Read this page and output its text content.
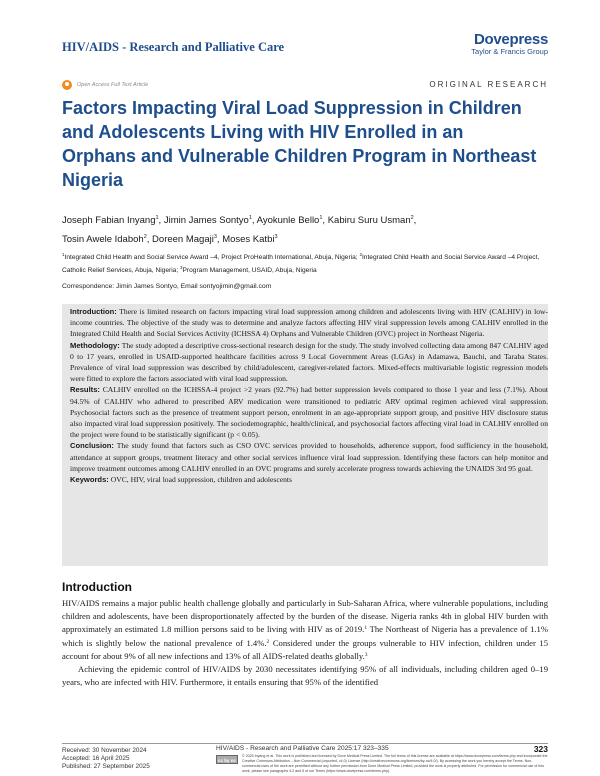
HIV/AIDS - Research and Palliative Care	Dovepress
Taylor & Francis Group
Open Access Full Text Article	ORIGINAL RESEARCH
Factors Impacting Viral Load Suppression in Children and Adolescents Living with HIV Enrolled in an Orphans and Vulnerable Children Program in Northeast Nigeria
Joseph Fabian Inyang$^1$, Jimin James Sontyo$^1$, Ayokunle Bello$^1$, Kabiru Suru Usman$^2$,
Tosin Awele Idaboh$^2$, Doreen Magaji$^3$, Moses Katbi$^3$
$^1$Integrated Child Health and Social Service Award –4, Project ProHealth International, Abuja, Nigeria; $^2$Integrated Child Health and Social Service Award –4 Project, Catholic Relief Services, Abuja, Nigeria; $^3$Program Management, USAID, Abuja, Nigeria
Correspondence: Jimin James Sontyo, Email sontyojimin@gmail.com

Introduction: There is limited research on factors impacting viral load suppression among children and adolescents living with HIV (CALHIV) in low-income countries. The objective of the study was to determine and analyze factors affecting HIV viral suppression levels among CALHIV enrolled in the Integrated Child Health and Social Services Activity (ICHSSA 4) Orphans and Vulnerable Children (OVC) project in Northeast Nigeria.

Methodology: The study adopted a descriptive cross-sectional research design for the study. The study involved collecting data among 847 CALHIV aged 0 to 17 years, enrolled in USAID-supported healthcare facilities across 9 Local Government Areas (LGAs) in Adamawa, Bauchi, and Taraba States. Prevalence of viral load suppression was described by child/adolescent, caregiver-related factors. Mixed-effects multivariable logistic regression models were fitted to explore the factors associated with viral load suppression.

Results: CALHIV enrolled on the ICHSSA-4 project >2 years (92.7%) had better suppression levels compared to those 1 year and less (7.1%). About 94.5% of CALHIV who adhered to prescribed ARV medication were transitioned to pediatric ARV optimal regimen achieved viral suppression. Psychosocial factors such as the presence of treatment support person, enrolment in an age-appropriate support group, and positive HIV disclosure status also impacted viral load suppression positively. The sociodemographic, health/clinical, and psychosocial factors affecting viral load in CALHIV enrolled on the project were found to be statistically significant (p < 0.05).

Conclusion: The study found that factors such as CSO OVC services provided to households, adherence support, food sufficiency in the household, attendance at support groups, treatment literacy and other social services influence viral load suppression. Identifying these factors can help monitor and improve treatment outcomes among CALHIV enrolled in an OVC programs and surely accelerate progress towards achieving the UNAIDS 3rd 95 goal.

Keywords: OVC, HIV, viral load suppression, children and adolescents

Introduction

HIV/AIDS remains a major public health challenge globally and particularly in Sub-Saharan Africa, where vulnerable populations, including children and adolescents, have been disproportionately affected by the burden of the disease. Nigeria ranks 4th in global HIV burden with approximately an estimated 1.8 million persons said to be living with HIV as of 2019.$^1$ The Northeast of Nigeria has a prevalence of 1.1% which is slightly below the national prevalence of 1.4%.$^2$ Considered under the groups vulnerable to HIV infection, children under 15 account for about 9% of all new infections and 13% of all AIDS-related deaths globally.$^3$

Achieving the epidemic control of HIV/AIDS by 2030 necessitates identifying 95% of all individuals, including children aged 0–19 years, who are infected with HIV. Furthermore, it entails ensuring that 95% of the identified

Received: 30 November 2024
Accepted: 16 April 2025
Published: 27 September 2025
HIV/AIDS - Research and Palliative Care 2025:17 323–335	323
cc by nc
© 2025 Inyang et al. This work is published and licensed by Dove Medical Press Limited. The full terms of this license are available at https://www.dovepress.com/terms.php and incorporate the Creative Commons Attribution – Non Commercial (unported, v4.0) License (http://creativecommons.org/licenses/by-nc/4.0/). By accessing the work you hereby accept the Terms. Non-commercial uses of the work are permitted without any further permission from Dove Medical Press Limited, provided the work is properly attributed. For permission for commercial use of this work, please see paragraphs 4.2 and 5 of our Terms (https://www.dovepress.com/terms.php).
